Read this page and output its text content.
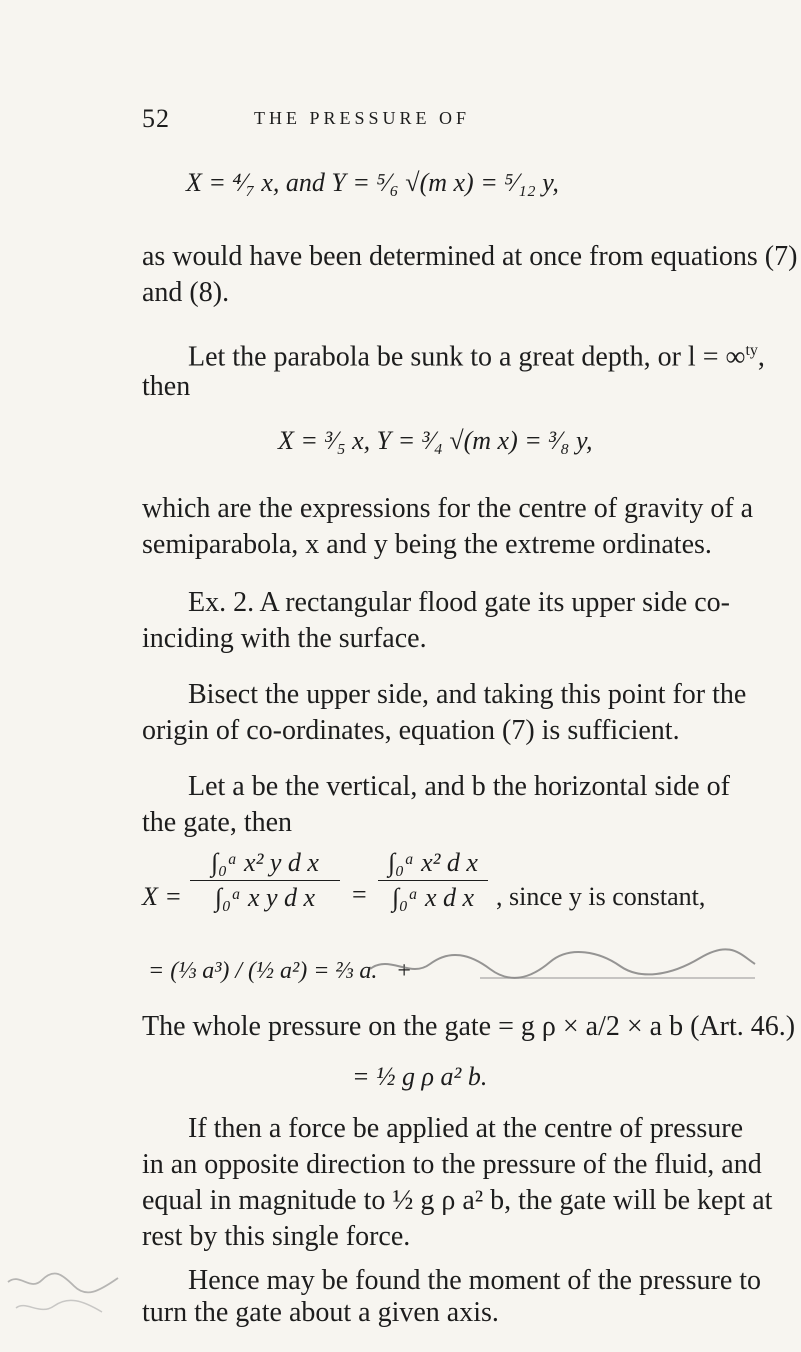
52	THE PRESSURE OF
X = ⁴⁄₇ x, and Y = ⁵⁄₆ √(m x) = ⁵⁄₁₂ y,
as would have been determined at once from equations (7)
and (8).
Let the parabola be sunk to a great depth, or l = ∞$^{ty}$,
then
X = ³⁄₅ x, Y = ³⁄₄ √(m x) = ³⁄₈ y,
which are the expressions for the centre of gravity of a
semiparabola, x and y being the extreme ordinates.
Ex. 2. A rectangular flood gate its upper side co-
inciding with the surface.
Bisect the upper side, and taking this point for the
origin of co-ordinates, equation (7) is sufficient.
Let a be the vertical, and b the horizontal side of
the gate, then
$X = \frac{\text{∫₀ᵃ x² y d x}}{\text{∫₀ᵃ x y d x}} = \frac{\text{∫₀ᵃ x² d x}}{\text{∫₀ᵃ x d x}}$ , since y is constant,
= (⅓ a³) / (½ a²) = ⅔ a. +
The whole pressure on the gate = g ρ × a/2 × a b (Art. 46.)
= ½ g ρ a² b.
If then a force be applied at the centre of pressure
in an opposite direction to the pressure of the fluid, and
equal in magnitude to ½ g ρ a² b, the gate will be kept at
rest by this single force.
Hence may be found the moment of the pressure to
turn the gate about a given axis.
